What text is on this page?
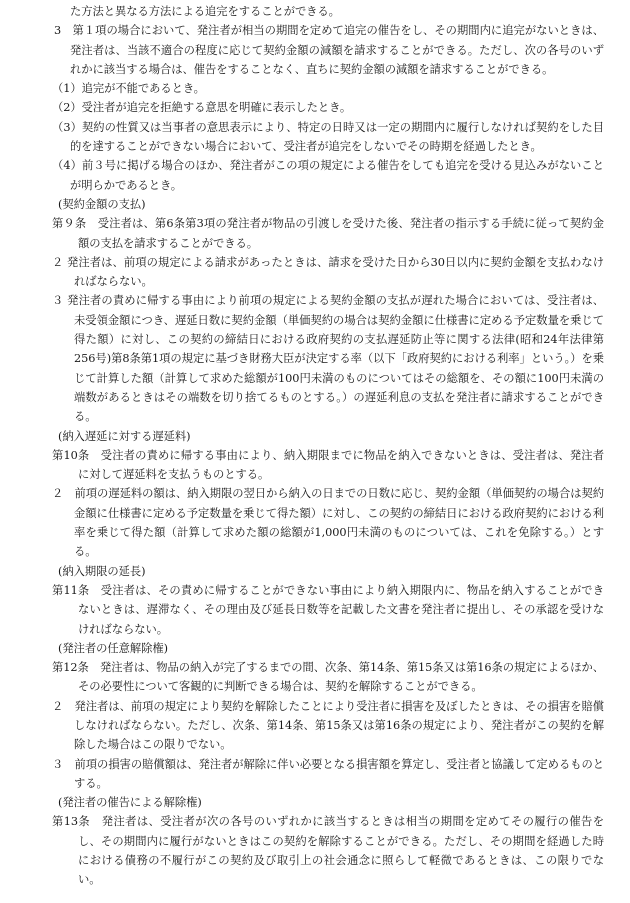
た方法と異なる方法による追完をすることができる。

3　第１項の場合において、発注者が相当の期間を定めて追完の催告をし、その期間内に追完がないときは、発注者は、当該不適合の程度に応じて契約金額の減額を請求することができる。ただし、次の各号のいずれかに該当する場合は、催告をすることなく、直ちに契約金額の減額を請求することができる。

（1）追完が不能であるとき。

（2）受注者が追完を拒絶する意思を明確に表示したとき。

（3）契約の性質又は当事者の意思表示により、特定の日時又は一定の期間内に履行しなければ契約をした目的を達することができない場合において、受注者が追完をしないでその時期を経過したとき。

（4）前３号に掲げる場合のほか、発注者がこの項の規定による催告をしても追完を受ける見込みがないことが明らかであるとき。

(契約金額の支払)

第９条　受注者は、第6条第3項の発注者が物品の引渡しを受けた後、発注者の指示する手続に従って契約金額の支払を請求することができる。

２ 発注者は、前項の規定による請求があったときは、請求を受けた日から30日以内に契約金額を支払わなければならない。

３ 発注者の責めに帰する事由により前項の規定による契約金額の支払が遅れた場合においては、受注者は、未受領金額につき、遅延日数に契約金額（単価契約の場合は契約金額に仕様書に定める予定数量を乗じて得た額）に対し、この契約の締結日における政府契約の支払遅延防止等に関する法律(昭和24年法律第256号)第8条第1項の規定に基づき財務大臣が決定する率（以下「政府契約における利率」という。）を乗じて計算した額（計算して求めた総額が100円未満のものについてはその総額を、その額に100円未満の端数があるときはその端数を切り捨てるものとする。）の遅延利息の支払を発注者に請求することができる。

(納入遅延に対する遅延料)

第10条　受注者の責めに帰する事由により、納入期限までに物品を納入できないときは、受注者は、発注者に対して遅延料を支払うものとする。

２　前項の遅延料の額は、納入期限の翌日から納入の日までの日数に応じ、契約金額（単価契約の場合は契約金額に仕様書に定める予定数量を乗じて得た額）に対し、この契約の締結日における政府契約における利率を乗じて得た額（計算して求めた額の総額が1,000円未満のものについては、これを免除する。）とする。

(納入期限の延長)

第11条　受注者は、その責めに帰することができない事由により納入期限内に、物品を納入することができないときは、遅滞なく、その理由及び延長日数等を記載した文書を発注者に提出し、その承認を受けなければならない。

(発注者の任意解除権)

第12条　発注者は、物品の納入が完了するまでの間、次条、第14条、第15条又は第16条の規定によるほか、その必要性について客観的に判断できる場合は、契約を解除することができる。

２　発注者は、前項の規定により契約を解除したことにより受注者に損害を及ぼしたときは、その損害を賠償しなければならない。ただし、次条、第14条、第15条又は第16条の規定により、発注者がこの契約を解除した場合はこの限りでない。

３　前項の損害の賠償額は、発注者が解除に伴い必要となる損害額を算定し、受注者と協議して定めるものとする。

(発注者の催告による解除権)

第13条　発注者は、受注者が次の各号のいずれかに該当するときは相当の期間を定めてその履行の催告をし、その期間内に履行がないときはこの契約を解除することができる。ただし、その期間を経過した時における債務の不履行がこの契約及び取引上の社会通念に照らして軽微であるときは、この限りでない。
